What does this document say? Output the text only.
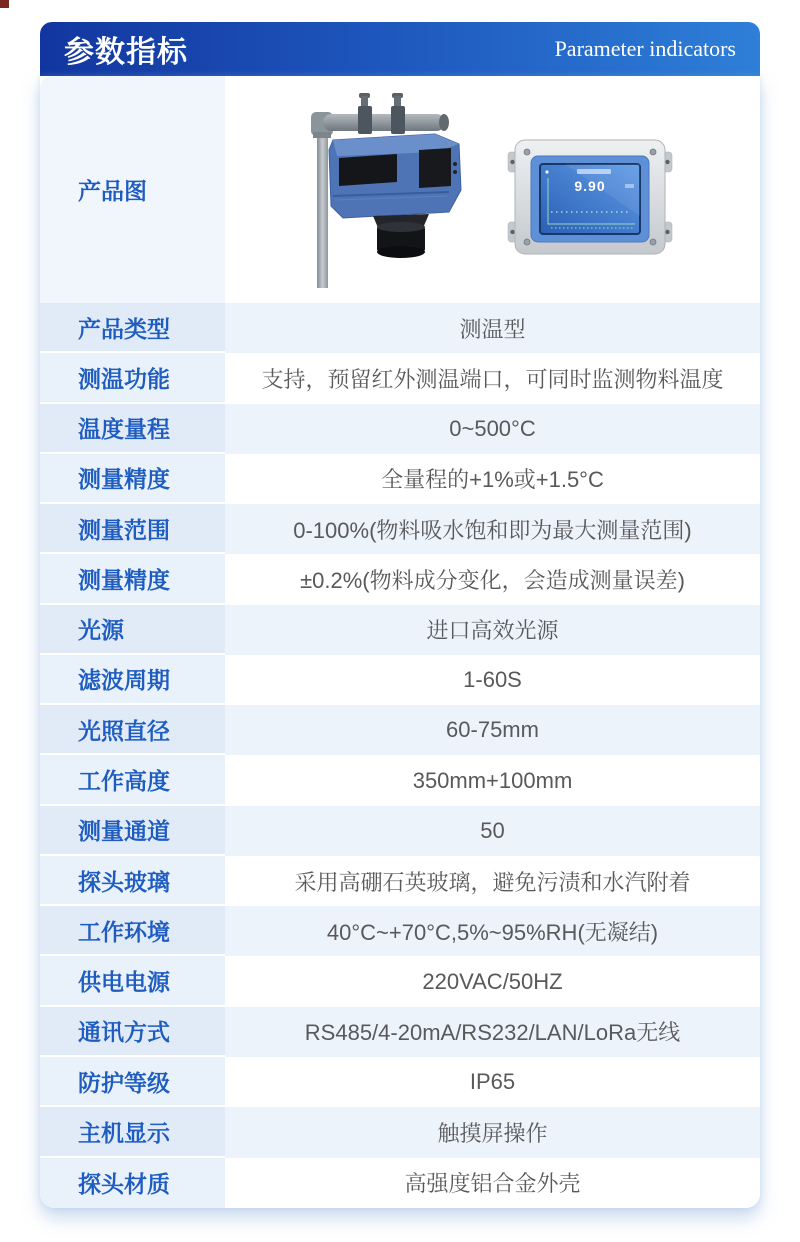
参数指标	Parameter indicators
产品图	9.90
产品类型	测温型
测温功能	支持，预留红外测温端口，可同时监测物料温度
温度量程	0~500°C
测量精度	全量程的+1%或+1.5°C
测量范围	0-100%(物料吸水饱和即为最大测量范围)
测量精度	±0.2%(物料成分变化，会造成测量误差)
光源	进口高效光源
滤波周期	1-60S
光照直径	60-75mm
工作高度	350mm+100mm
测量通道	50
探头玻璃	采用高硼石英玻璃，避免污渍和水汽附着
工作环境	40°C~+70°C,5%~95%RH(无凝结)
供电电源	220VAC/50HZ
通讯方式	RS485/4-20mA/RS232/LAN/LoRa无线
防护等级	IP65
主机显示	触摸屏操作
探头材质	高强度铝合金外壳
